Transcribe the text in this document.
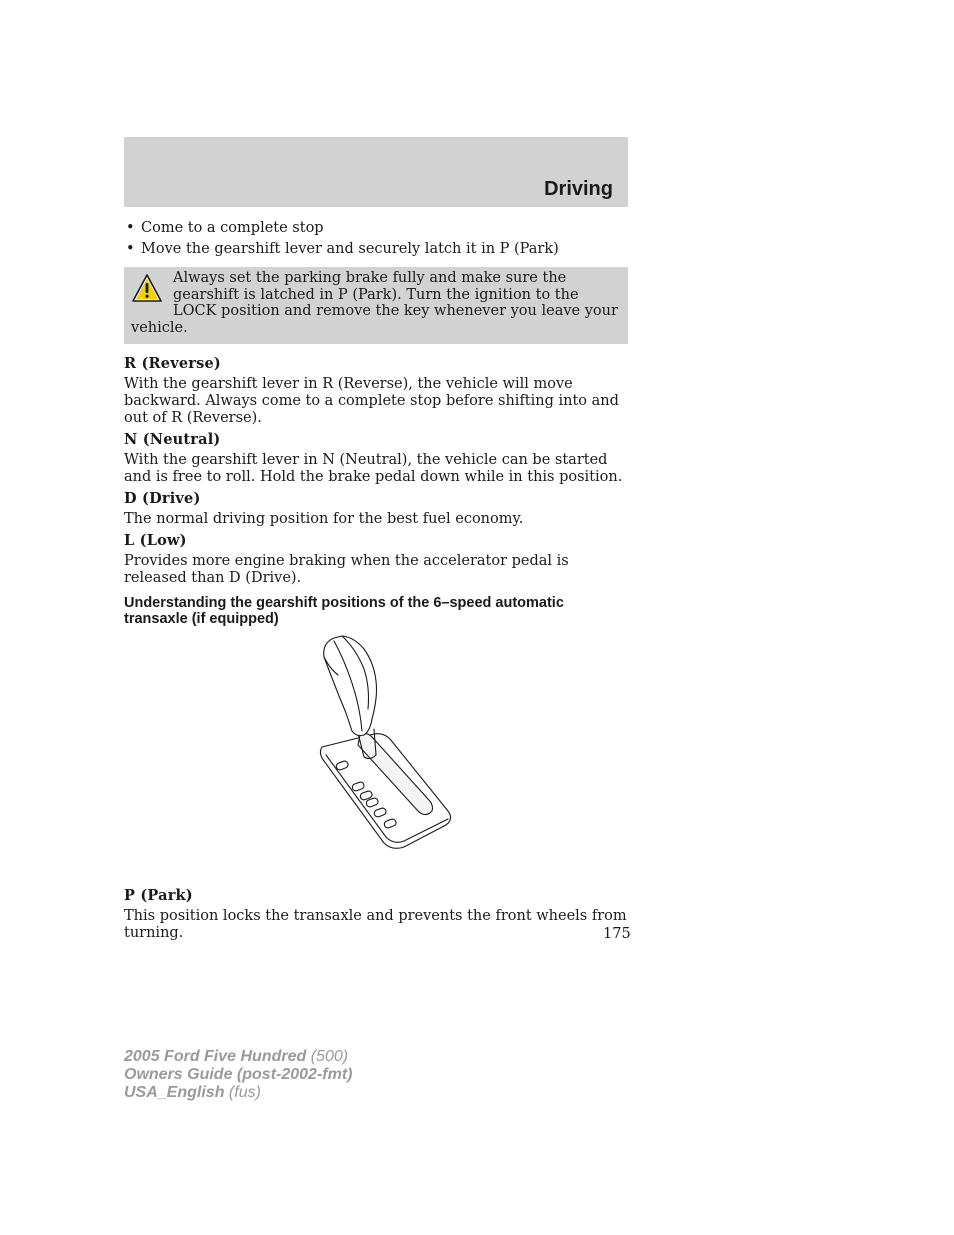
Driving
• Come to a complete stop
• Move the gearshift lever and securely latch it in P (Park)
Always set the parking brake fully and make sure the gearshift is latched in P (Park). Turn the ignition to the LOCK position and remove the key whenever you leave your vehicle.
R (Reverse)

With the gearshift lever in R (Reverse), the vehicle will move backward. Always come to a complete stop before shifting into and out of R (Reverse).

N (Neutral)

With the gearshift lever in N (Neutral), the vehicle can be started and is free to roll. Hold the brake pedal down while in this position.

D (Drive)

The normal driving position for the best fuel economy.

L (Low)

Provides more engine braking when the accelerator pedal is released than D (Drive).

Understanding the gearshift positions of the 6–speed automatic transaxle (if equipped)
P (Park)

This position locks the transaxle and prevents the front wheels from turning.	175
2005 Ford Five Hundred (500)
Owners Guide (post-2002-fmt)
USA_English (fus)
